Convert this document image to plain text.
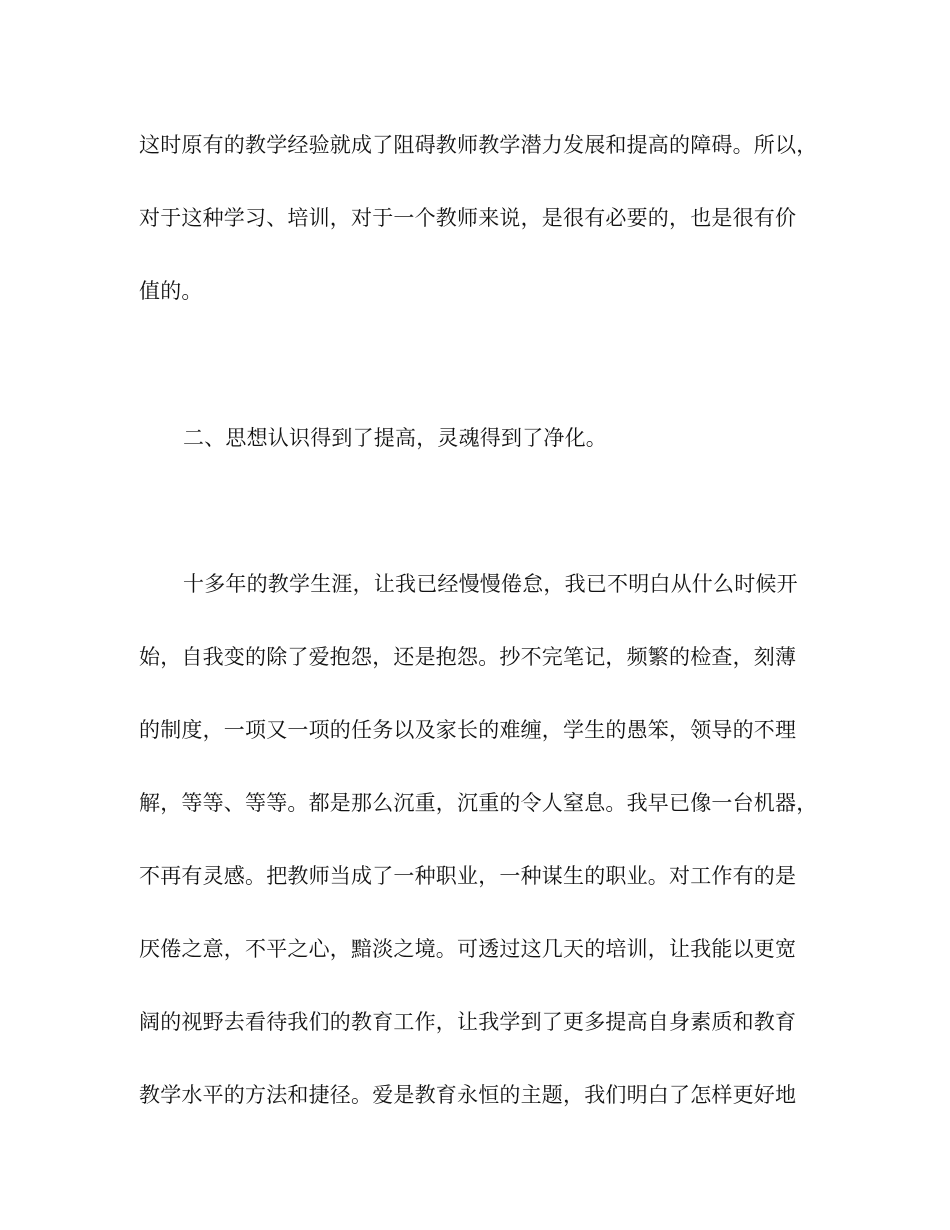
这时原有的教学经验就成了阻碍教师教学潜力发展和提高的障碍。所以，
对于这种学习、培训，对于一个教师来说，是很有必要的，也是很有价
值的。
二、思想认识得到了提高，灵魂得到了净化。
十多年的教学生涯，让我已经慢慢倦怠，我已不明白从什么时候开
始，自我变的除了爱抱怨，还是抱怨。抄不完笔记，频繁的检查，刻薄
的制度，一项又一项的任务以及家长的难缠，学生的愚笨，领导的不理
解，等等、等等。都是那么沉重，沉重的令人窒息。我早已像一台机器，
不再有灵感。把教师当成了一种职业，一种谋生的职业。对工作有的是
厌倦之意，不平之心，黯淡之境。可透过这几天的培训，让我能以更宽
阔的视野去看待我们的教育工作，让我学到了更多提高自身素质和教育
教学水平的方法和捷径。爱是教育永恒的主题，我们明白了怎样更好地
